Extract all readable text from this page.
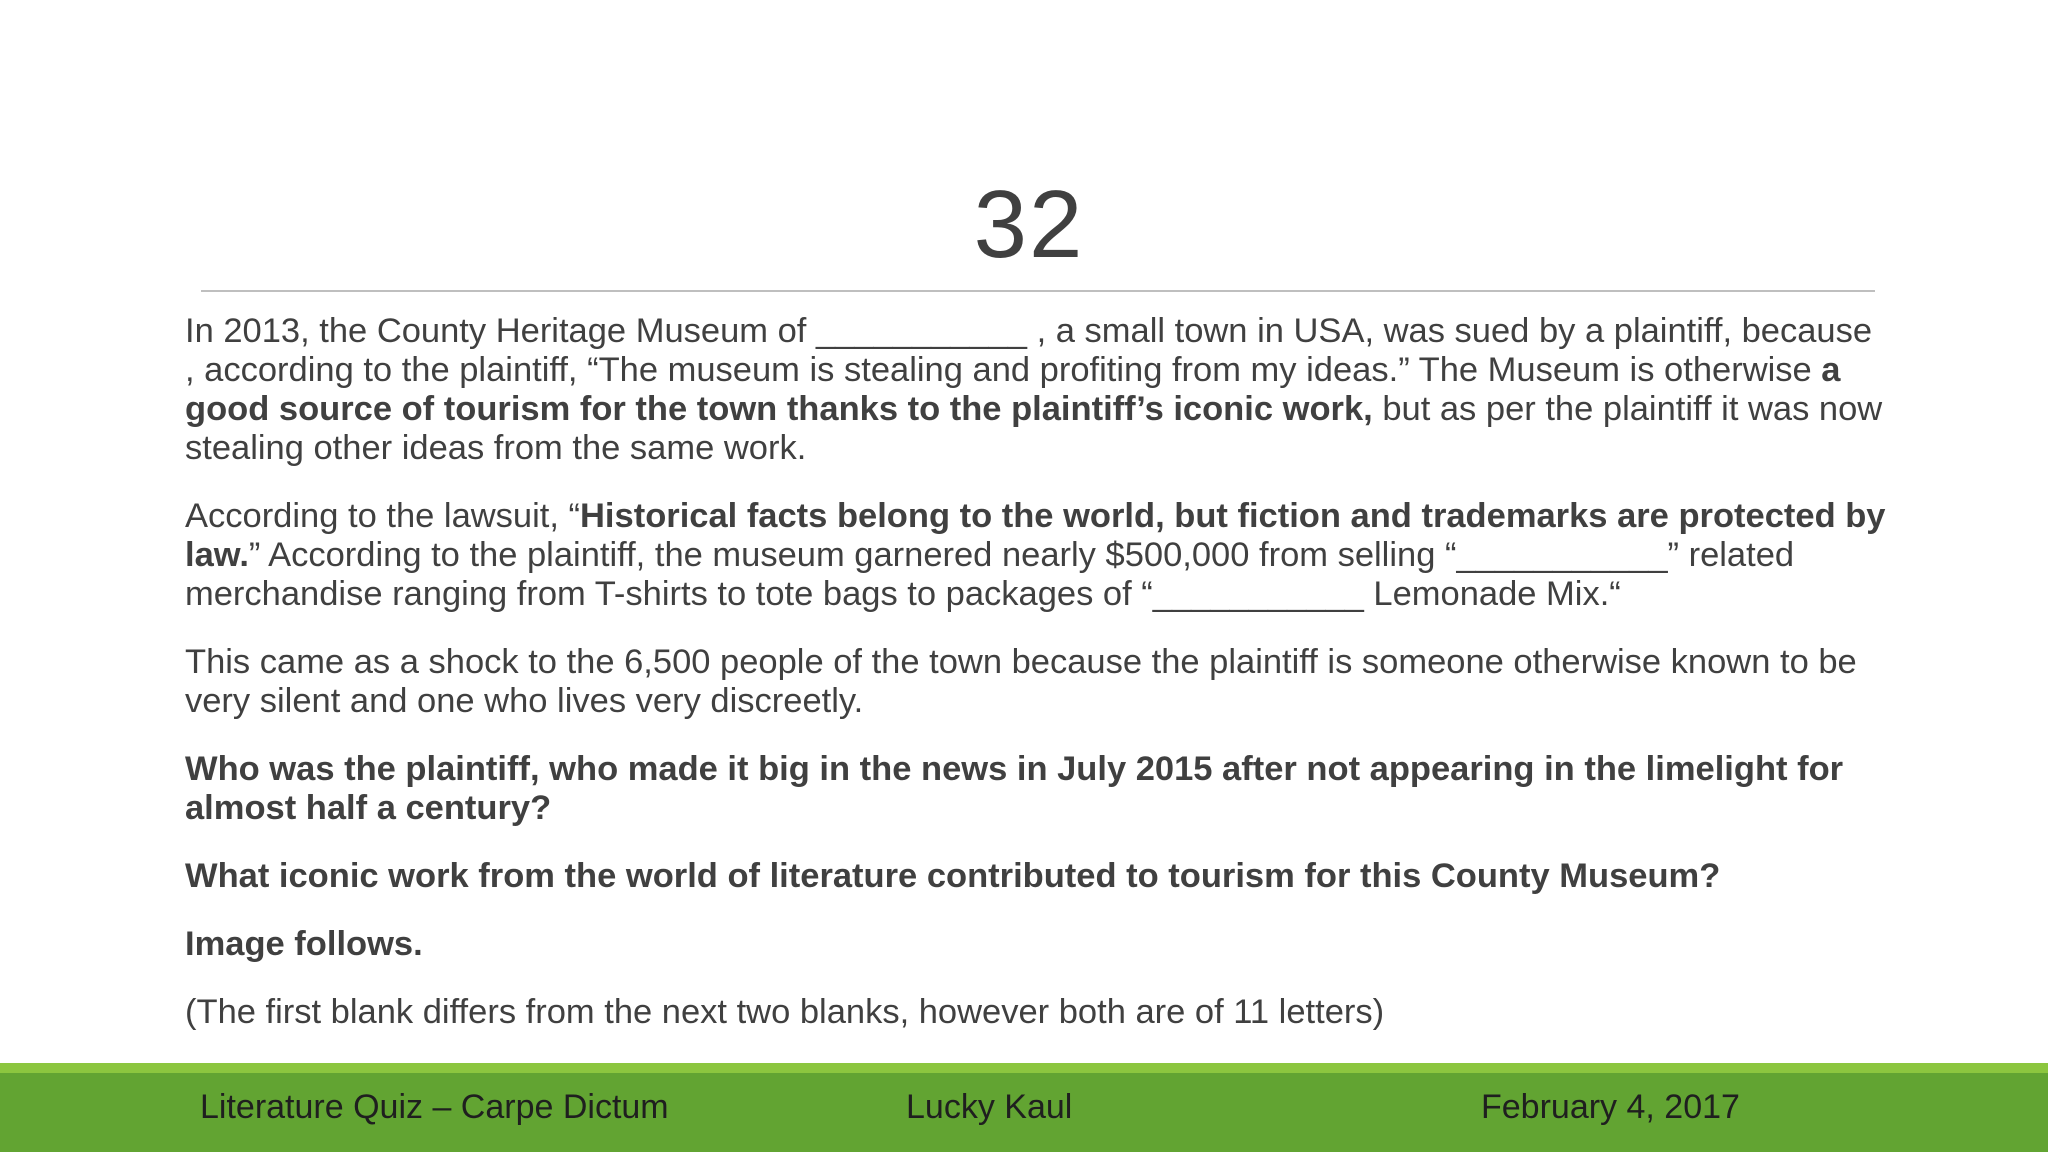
32

In 2013, the County Heritage Museum of ___________ , a small town in USA, was sued by a plaintiff, because , according to the plaintiff, “The museum is stealing and profiting from my ideas.” The Museum is otherwise a good source of tourism for the town thanks to the plaintiff’s iconic work, but as per the plaintiff it was now stealing other ideas from the same work.

According to the lawsuit, “Historical facts belong to the world, but fiction and trademarks are protected by law.” According to the plaintiff, the museum garnered nearly $500,000 from selling “___________” related merchandise ranging from T-shirts to tote bags to packages of “___________ Lemonade Mix.“

This came as a shock to the 6,500 people of the town because the plaintiff is someone otherwise known to be very silent and one who lives very discreetly.

Who was the plaintiff, who made it big in the news in July 2015 after not appearing in the limelight for almost half a century?

What iconic work from the world of literature contributed to tourism for this County Museum?

Image follows.

(The first blank differs from the next two blanks, however both are of 11 letters)

Literature Quiz – Carpe Dictum	Lucky Kaul	February 4, 2017
